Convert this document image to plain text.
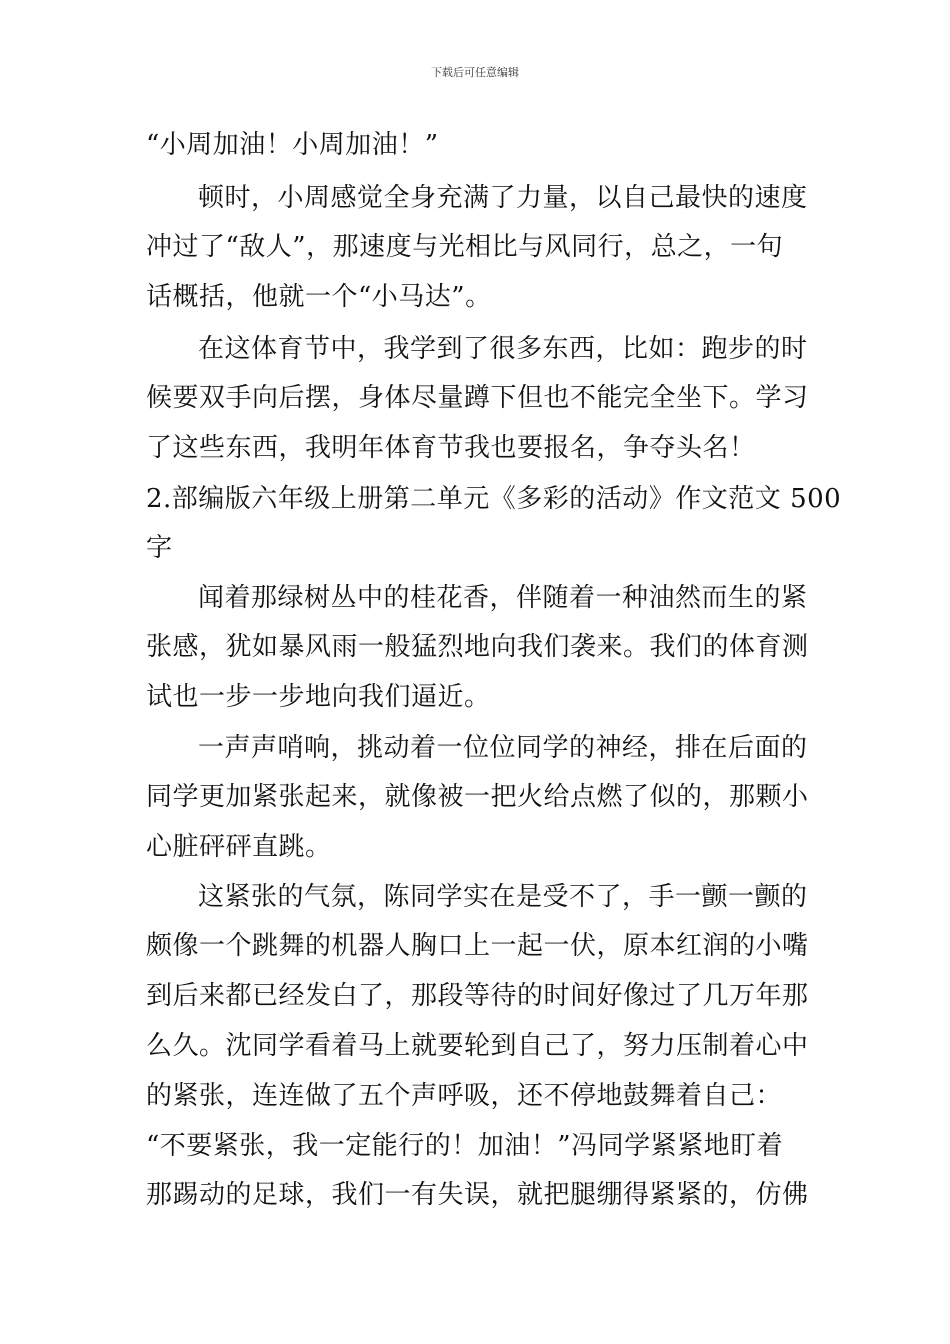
下载后可任意编辑
“小周加油！小周加油！”
顿时，小周感觉全身充满了力量，以自己最快的速度
冲过了“敌人”，那速度与光相比与风同行，总之，一句
话概括，他就一个“小马达”。
在这体育节中，我学到了很多东西，比如：跑步的时
候要双手向后摆，身体尽量蹲下但也不能完全坐下。学习
了这些东西，我明年体育节我也要报名，争夺头名！
2.部编版六年级上册第二单元《多彩的活动》作文范文 500
字
闻着那绿树丛中的桂花香，伴随着一种油然而生的紧
张感，犹如暴风雨一般猛烈地向我们袭来。我们的体育测
试也一步一步地向我们逼近。
一声声哨响，挑动着一位位同学的神经，排在后面的
同学更加紧张起来，就像被一把火给点燃了似的，那颗小
心脏砰砰直跳。
这紧张的气氛，陈同学实在是受不了，手一颤一颤的
颇像一个跳舞的机器人胸口上一起一伏，原本红润的小嘴
到后来都已经发白了，那段等待的时间好像过了几万年那
么久。沈同学看着马上就要轮到自己了，努力压制着心中
的紧张，连连做了五个声呼吸，还不停地鼓舞着自己：
“不要紧张，我一定能行的！加油！”冯同学紧紧地盯着
那踢动的足球，我们一有失误，就把腿绷得紧紧的，仿佛
